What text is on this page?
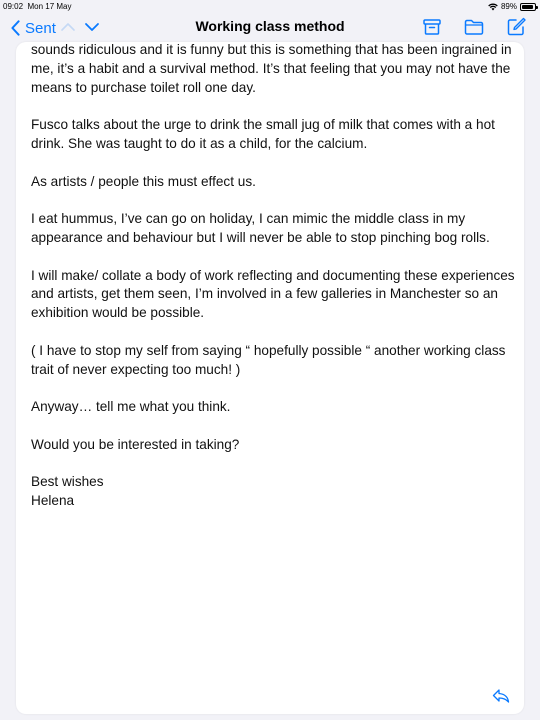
09:02 Mon 17 May	89%
Sent	Working class method
sounds ridiculous and it is funny but this is something that has been ingrained in me, it’s a habit and a survival method. It’s that feeling that you may not have the means to purchase toilet roll one day.
Fusco talks about the urge to drink the small jug of milk that comes with a hot drink. She was taught to do it as a child, for the calcium.
As artists / people this must effect us.
I eat hummus, I’ve can go on holiday, I can mimic the middle class in my appearance and behaviour but I will never be able to stop pinching bog rolls.
I will make/ collate a body of work reflecting and documenting these experiences and artists, get them seen, I’m involved in a few galleries in Manchester so an exhibition would be possible.
( I have to stop my self from saying “ hopefully possible “ another working class trait of never expecting too much! )
Anyway… tell me what you think.
Would you be interested in taking?
Best wishes
Helena
